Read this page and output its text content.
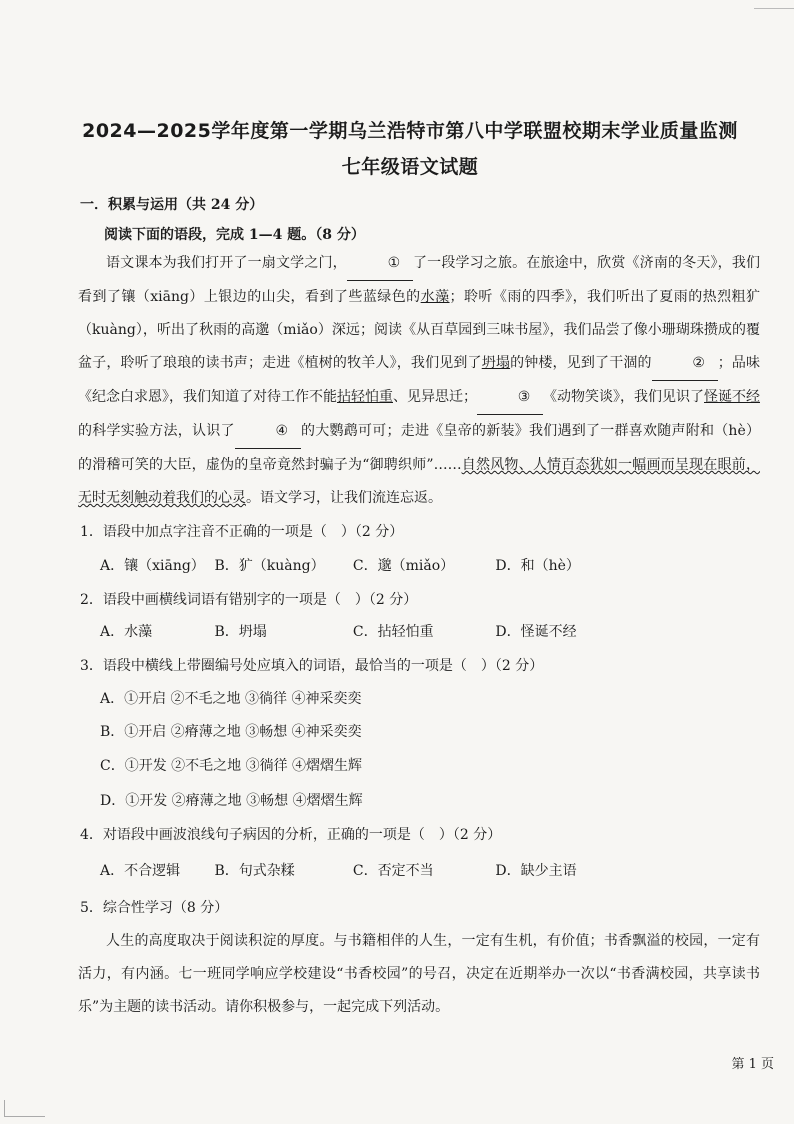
2024—2025学年度第一学期乌兰浩特市第八中学联盟校期末学业质量监测
七年级语文试题
一．积累与运用（共 24 分）
阅读下面的语段，完成 1—4 题。（8 分）
语文课本为我们打开了一扇文学之门，	① 了一段学习之旅。在旅途中，欣赏《济南的冬天》，我们看到了镶（xiāng）上银边的山尖，看到了些蓝绿色的水藻；聆听《雨的四季》，我们听出了夏雨的热烈粗犷（kuàng），听出了秋雨的高邈（miǎo）深远；阅读《从百草园到三味书屋》，我们品尝了像小珊瑚珠攒成的覆盆子，聆听了琅琅的读书声；走进《植树的牧羊人》，我们见到了坍塌的钟楼，见到了干涸的	② ；品味《纪念白求恩》，我们知道了对待工作不能拈轻怕重、见异思迁；	③ 《动物笑谈》，我们见识了怪诞不经的科学实验方法，认识了	④ 的大鹦鹉可可；走进《皇帝的新装》我们遇到了一群喜欢随声附和（hè）的滑稽可笑的大臣，虚伪的皇帝竟然封骗子为“御聘织师”……自然风物、人情百态犹如一幅画而呈现在眼前，无时无刻触动着我们的心灵。语文学习，让我们流连忘返。
1．语段中加点字注音不正确的一项是（　）（2 分）
A．镶（xiāng） B．犷（kuàng） C．邈（miǎo）	D．和（hè）
2．语段中画横线词语有错别字的一项是（　）（2 分）
A．水藻	B．坍塌	C．拈轻怕重	D．怪诞不经
3．语段中横线上带圈编号处应填入的词语，最恰当的一项是（　）（2 分）
A．①开启 ②不毛之地 ③徜徉 ④神采奕奕
B．①开启 ②瘠薄之地 ③畅想 ④神采奕奕
C．①开发 ②不毛之地 ③徜徉 ④熠熠生辉
D．①开发 ②瘠薄之地 ③畅想 ④熠熠生辉
4．对语段中画波浪线句子病因的分析，正确的一项是（　）（2 分）
A．不合逻辑 B．句式杂糅	C．否定不当	D．缺少主语
5．综合性学习（8 分）
人生的高度取决于阅读积淀的厚度。与书籍相伴的人生，一定有生机，有价值；书香飘溢的校园，一定有活力，有内涵。七一班同学响应学校建设“书香校园”的号召，决定在近期举办一次以“书香满校园，共享读书乐”为主题的读书活动。请你积极参与，一起完成下列活动。
第 1 页
